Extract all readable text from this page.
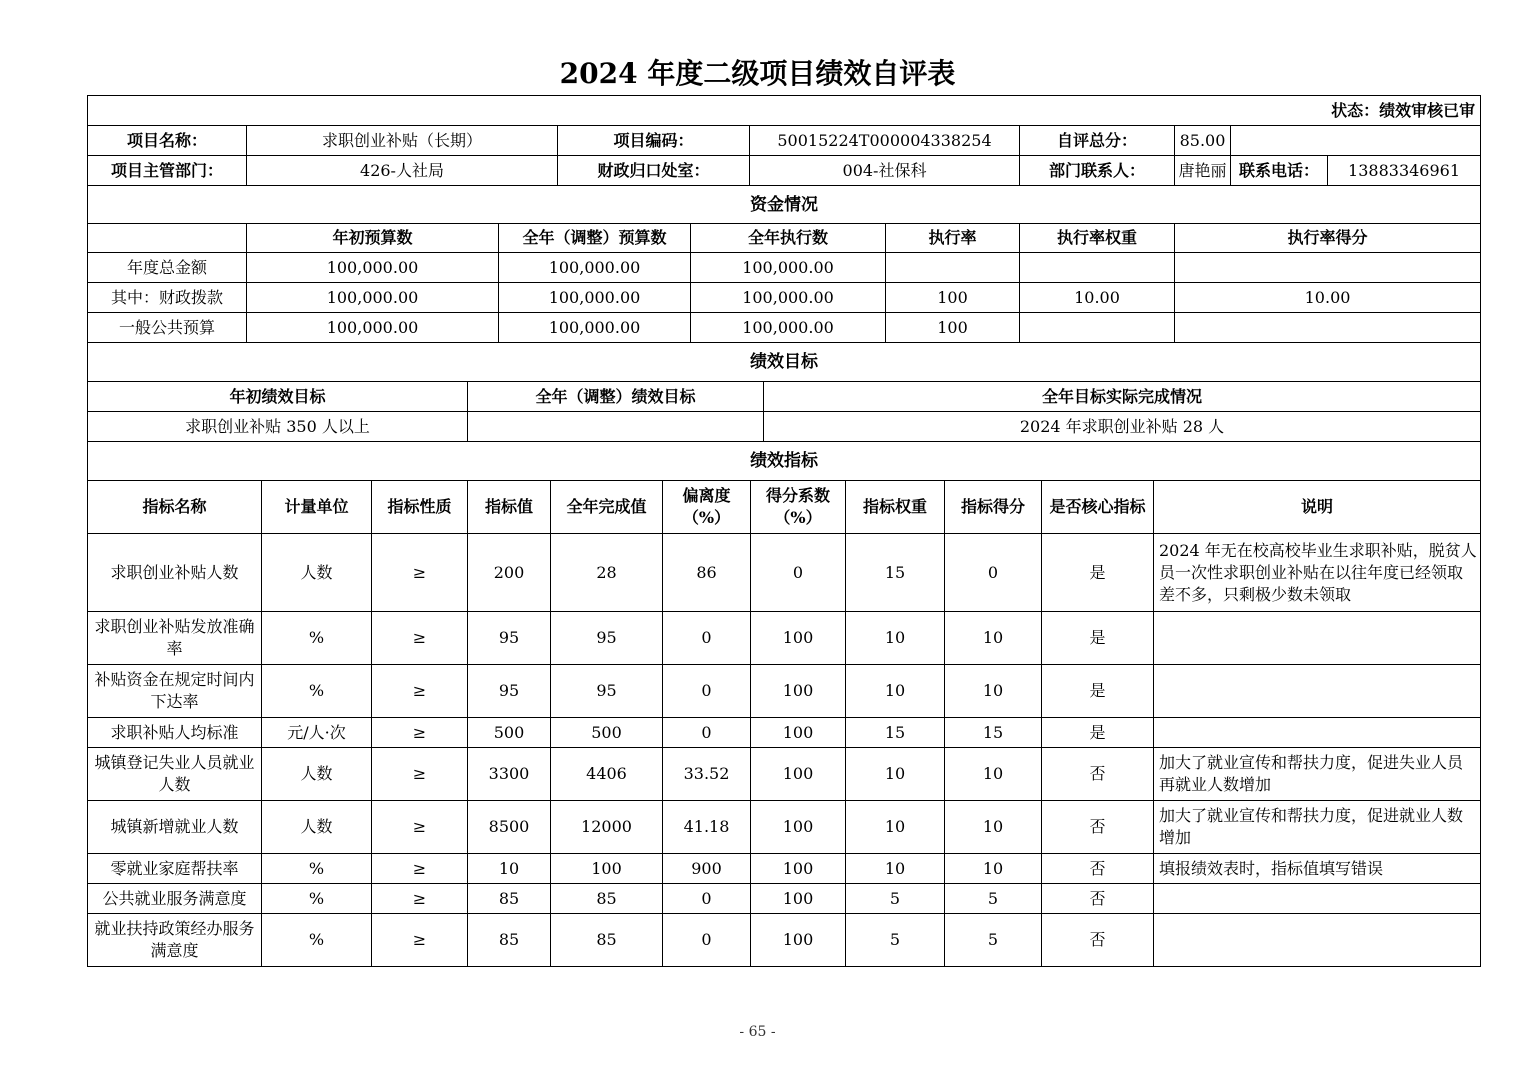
2024 年度二级项目绩效自评表
状态：绩效审核已审										
项目名称：	求职创业补贴（长期）		项目编码：		50015224T000004338254		自评总分：	85.00		
项目主管部门：	426-人社局		财政归口处室：		004-社保科		部门联系人：	唐艳丽	联系电话：	13883346961
资金情况										
	年初预算数	全年（调整）预算数		全年执行数		执行率	执行率权重	执行率得分		
年度总金额	100,000.00	100,000.00		100,000.00						
其中：财政拨款	100,000.00	100,000.00		100,000.00		100	10.00	10.00		
一般公共预算	100,000.00	100,000.00		100,000.00		100				
绩效目标		
年初绩效目标	全年（调整）绩效目标	全年目标实际完成情况
求职创业补贴 350 人以上		2024 年求职创业补贴 28 人
绩效指标										
指标名称	计量单位	指标性质	指标值	全年完成值	偏离度（%）	得分系数（%）	指标权重	指标得分	是否核心指标	说明
求职创业补贴人数	人数	≥	200	28	86	0	15	0	是	2024 年无在校高校毕业生求职补贴，脱贫人员一次性求职创业补贴在以往年度已经领取差不多，只剩极少数未领取
求职创业补贴发放准确率	%	≥	95	95	0	100	10	10	是	
补贴资金在规定时间内下达率	%	≥	95	95	0	100	10	10	是	
求职补贴人均标准	元/人·次	≥	500	500	0	100	15	15	是	
城镇登记失业人员就业人数	人数	≥	3300	4406	33.52	100	10	10	否	加大了就业宣传和帮扶力度，促进失业人员再就业人数增加
城镇新增就业人数	人数	≥	8500	12000	41.18	100	10	10	否	加大了就业宣传和帮扶力度，促进就业人数增加
零就业家庭帮扶率	%	≥	10	100	900	100	10	10	否	填报绩效表时，指标值填写错误
公共就业服务满意度	%	≥	85	85	0	100	5	5	否	
就业扶持政策经办服务满意度	%	≥	85	85	0	100	5	5	否	
- 65 -
